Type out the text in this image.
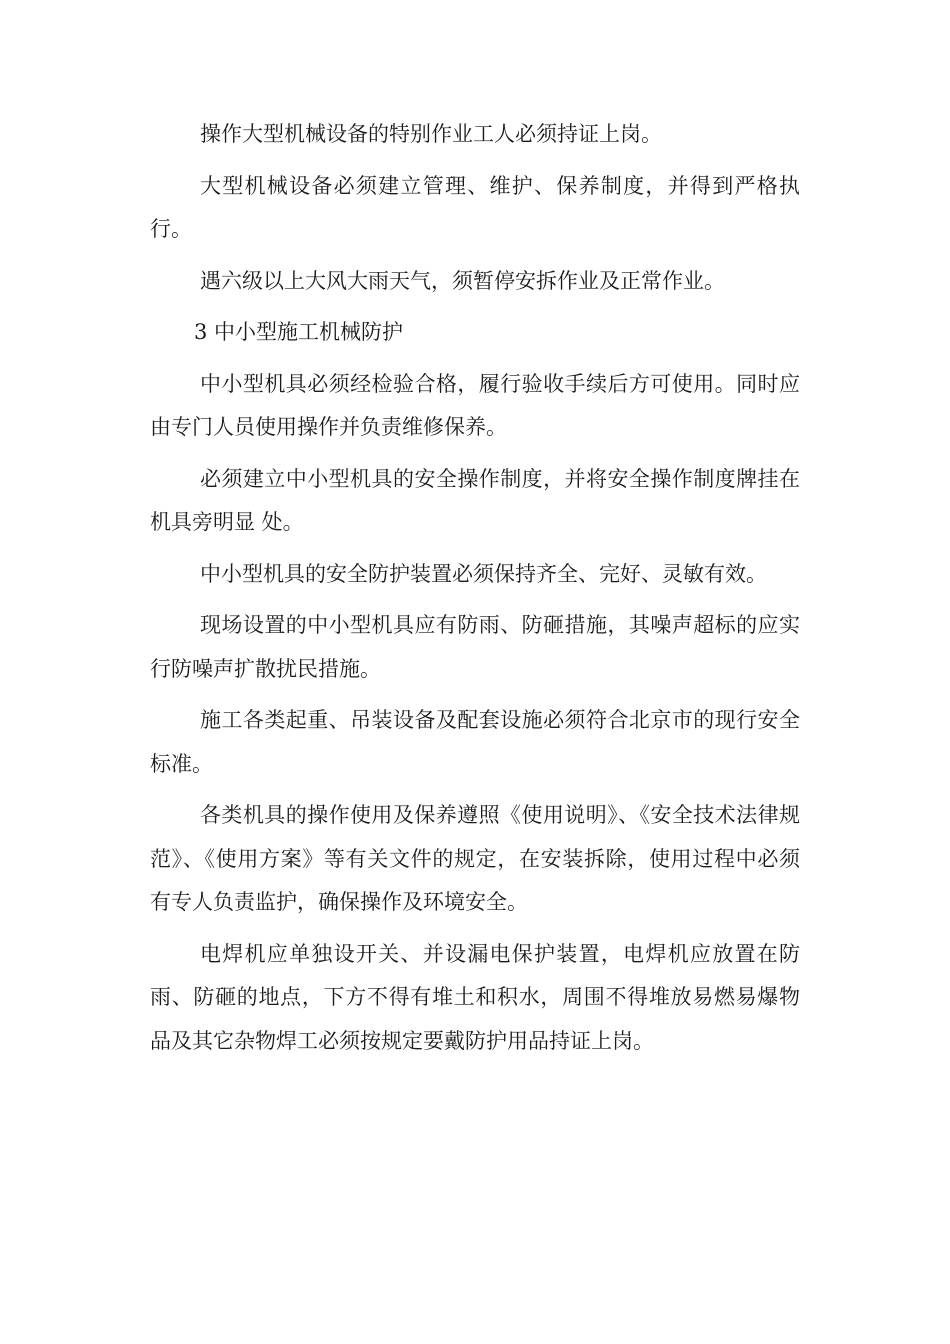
操作大型机械设备的特别作业工人必须持证上岗。

大型机械设备必须建立管理、维护、保养制度，并得到严格执行。

遇六级以上大风大雨天气，须暂停安拆作业及正常作业。

3 中小型施工机械防护

中小型机具必须经检验合格，履行验收手续后方可使用。同时应由专门人员使用操作并负责维修保养。

必须建立中小型机具的安全操作制度，并将安全操作制度牌挂在机具旁明显 处。

中小型机具的安全防护装置必须保持齐全、完好、灵敏有效。

现场设置的中小型机具应有防雨、防砸措施，其噪声超标的应实行防噪声扩散扰民措施。

施工各类起重、吊装设备及配套设施必须符合北京市的现行安全标准。

各类机具的操作使用及保养遵照《使用说明》、《安全技术法律规范》、《使用方案》等有关文件的规定，在安装拆除，使用过程中必须有专人负责监护，确保操作及环境安全。

电焊机应单独设开关、并设漏电保护装置，电焊机应放置在防雨、防砸的地点，下方不得有堆土和积水，周围不得堆放易燃易爆物品及其它杂物焊工必须按规定要戴防护用品持证上岗。
